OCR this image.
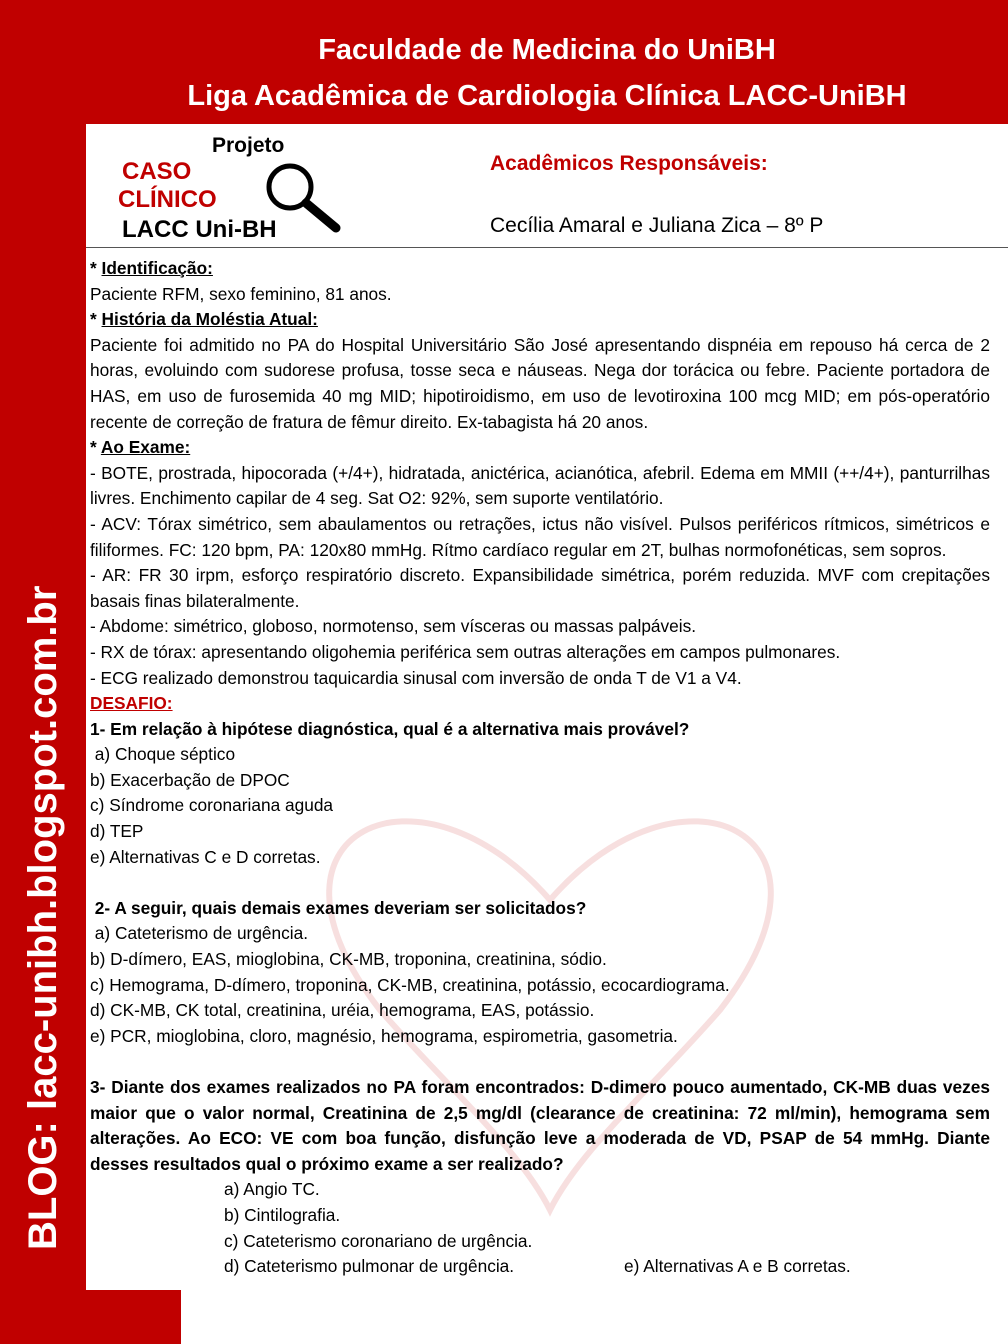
BLOG: lacc-unibh.blogspot.com.br
Faculdade de Medicina do UniBH
Liga Acadêmica de Cardiologia Clínica LACC-UniBH
Projeto
CASO
CLÍNICO
LACC Uni-BH
Acadêmicos Responsáveis:
Cecília Amaral e Juliana Zica – 8º P

* Identificação:

Paciente RFM, sexo feminino, 81 anos.

* História da Moléstia Atual:

Paciente foi admitido no PA do Hospital Universitário São José apresentando dispnéia em repouso há cerca de 2 horas, evoluindo com sudorese profusa, tosse seca e náuseas. Nega dor torácica ou febre. Paciente portadora de HAS, em uso de furosemida 40 mg MID; hipotiroidismo, em uso de levotiroxina 100 mcg MID; em pós-operatório recente de correção de fratura de fêmur direito. Ex-tabagista há 20 anos.

* Ao Exame:

- BOTE, prostrada, hipocorada (+/4+), hidratada, anictérica, acianótica, afebril. Edema em MMII (++/4+), panturrilhas livres. Enchimento capilar de 4 seg. Sat O2: 92%, sem suporte ventilatório.

- ACV: Tórax simétrico, sem abaulamentos ou retrações, ictus não visível. Pulsos periféricos rítmicos, simétricos e filiformes. FC: 120 bpm, PA: 120x80 mmHg. Rítmo cardíaco regular em 2T, bulhas normofonéticas, sem sopros.

- AR: FR 30 irpm, esforço respiratório discreto. Expansibilidade simétrica, porém reduzida. MVF com crepitações basais finas bilateralmente.

- Abdome: simétrico, globoso, normotenso, sem vísceras ou massas palpáveis.

- RX de tórax: apresentando oligohemia periférica sem outras alterações em campos pulmonares.

- ECG realizado demonstrou taquicardia sinusal com inversão de onda T de V1 a V4.

DESAFIO:

1- Em relação à hipótese diagnóstica, qual é a alternativa mais provável?

a) Choque séptico

b) Exacerbação de DPOC

c) Síndrome coronariana aguda

d) TEP

e) Alternativas C e D corretas.

2- A seguir, quais demais exames deveriam ser solicitados?

a) Cateterismo de urgência.

b) D-dímero, EAS, mioglobina, CK-MB, troponina, creatinina, sódio.

c) Hemograma, D-dímero, troponina, CK-MB, creatinina, potássio, ecocardiograma.

d) CK-MB, CK total, creatinina, uréia, hemograma, EAS, potássio.

e) PCR, mioglobina, cloro, magnésio, hemograma, espirometria, gasometria.

3- Diante dos exames realizados no PA foram encontrados: D-dimero pouco aumentado, CK-MB duas vezes maior que o valor normal, Creatinina de 2,5 mg/dl (clearance de creatinina: 72 ml/min), hemograma sem alterações. Ao ECO: VE com boa função, disfunção leve a moderada de VD, PSAP de 54 mmHg. Diante desses resultados qual o próximo exame a ser realizado?

a) Angio TC.

b) Cintilografia.

c) Cateterismo coronariano de urgência.

d) Cateterismo pulmonar de urgência.	e) Alternativas A e B corretas.
